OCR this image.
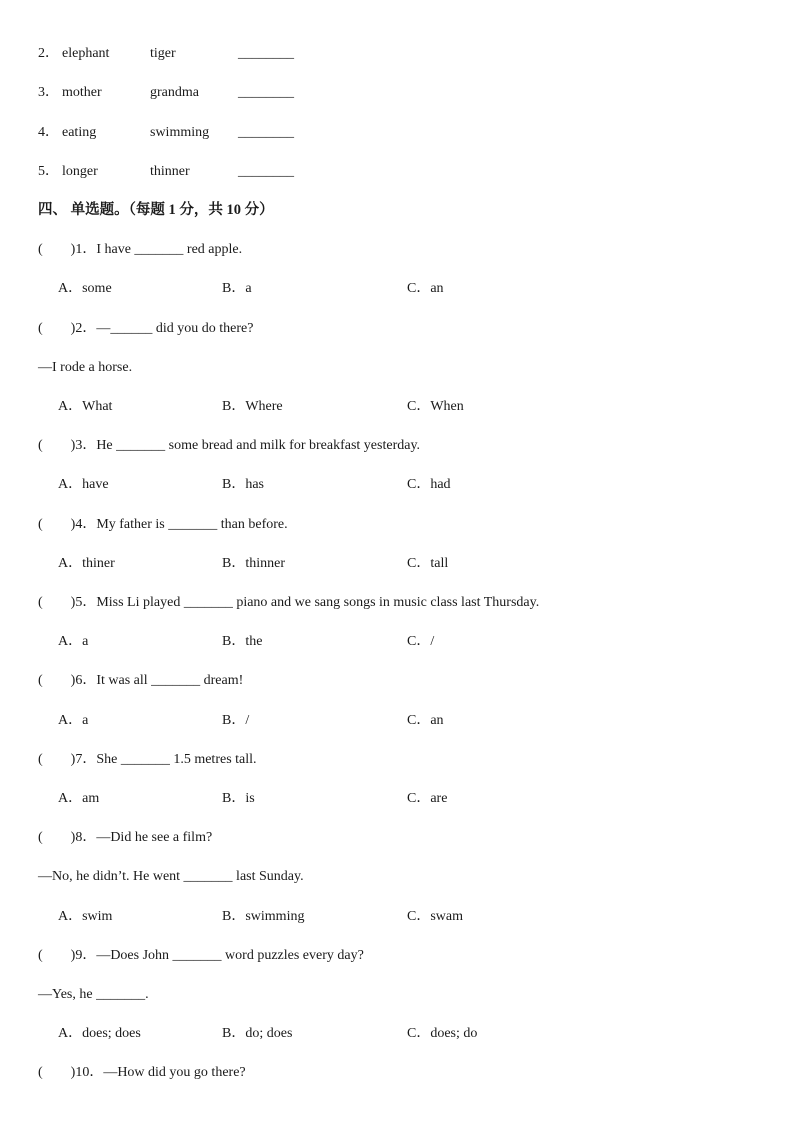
2． elephant	tiger	________
3． mother	grandma	________
4． eating	swimming ________
5． longer	thinner	________
四、 单选题。（每题 1 分，共 10 分）
(　　)1．I have _______ red apple.
A．some	B．a	C．an
(　　)2．—______ did you do there?
—I rode a horse.
A．What	B．Where	C．When
(　　)3．He _______ some bread and milk for breakfast yesterday.
A．have	B．has	C．had
(　　)4．My father is _______ than before.
A．thiner	B．thinner	C．tall
(　　)5．Miss Li played _______ piano and we sang songs in music class last Thursday.
A．a	B．the	C．/
(　　)6．It was all _______ dream!
A．a	B．/	C．an
(　　)7．She _______ 1.5 metres tall.
A．am	B．is	C．are
(　　)8．—Did he see a film?
—No, he didn’t. He went _______ last Sunday.
A．swim	B．swimming	C．swam
(　　)9．—Does John _______ word puzzles every day?
—Yes, he _______.
A．does; does	B．do; does	C．does; do
(　　)10．—How did you go there?
